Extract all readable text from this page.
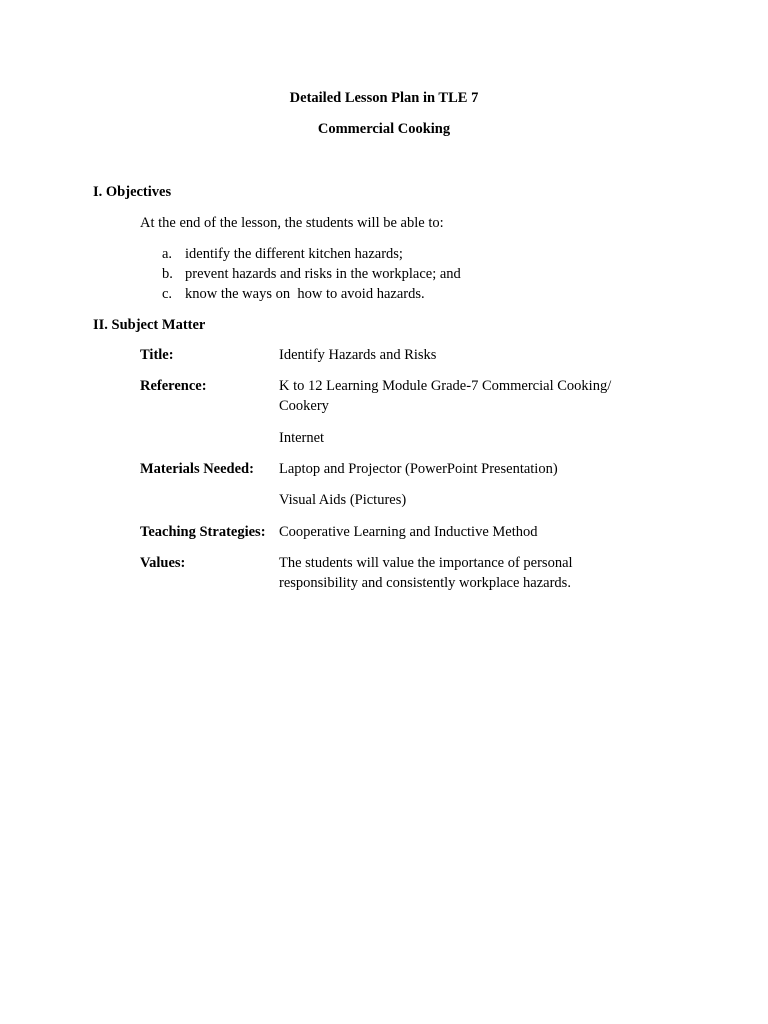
Detailed Lesson Plan in TLE 7
Commercial Cooking
I. Objectives
At the end of the lesson, the students will be able to:
a. identify the different kitchen hazards;
b. prevent hazards and risks in the workplace; and
c. know the ways on  how to avoid hazards.
II. Subject Matter
Title:	Identify Hazards and Risks
Reference:	K to 12 Learning Module Grade-7 Commercial Cooking/ Cookery
Internet
Materials Needed: Laptop and Projector (PowerPoint Presentation)
Visual Aids (Pictures)
Teaching Strategies: Cooperative Learning and Inductive Method
Values:	The students will value the importance of personal responsibility and consistently workplace hazards.
